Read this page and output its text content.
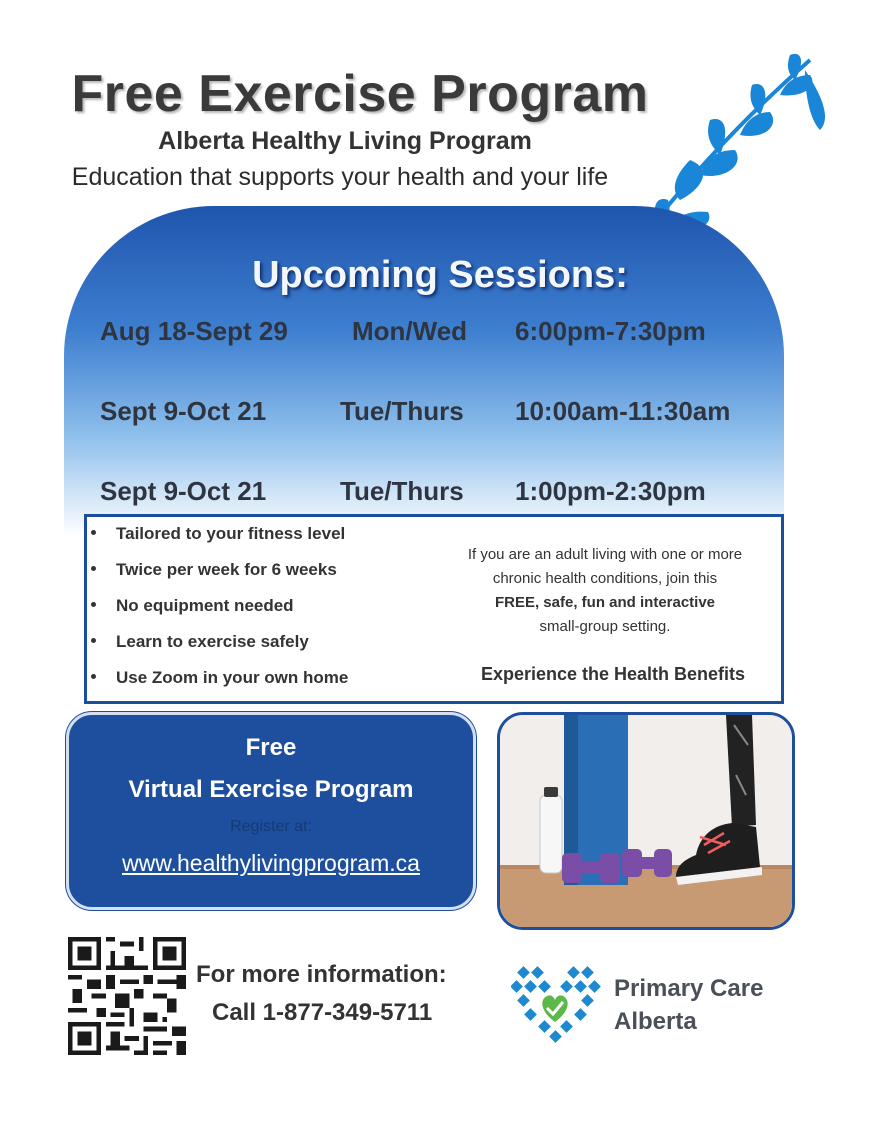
Free Exercise Program
Alberta Healthy Living Program
Education that supports your health and your life
Upcoming Sessions:
Aug 18-Sept 29 Mon/Wed 6:00pm-7:30pm
Sept 9-Oct 21	Tue/Thurs 10:00am-11:30am
Sept 9-Oct 21	Tue/Thurs 1:00pm-2:30pm
Tailored to your fitness level
Twice per week for 6 weeks
No equipment needed
Learn to exercise safely
Use Zoom in your own home
If you are an adult living with one or more
chronic health conditions, join this
FREE, safe, fun and interactive
small-group setting.
Experience the Health Benefits
Free
Virtual Exercise Program
Register at:
www.healthylivingprogram.ca
For more information:
Call 1-877-349-5711
Primary Care
Alberta
